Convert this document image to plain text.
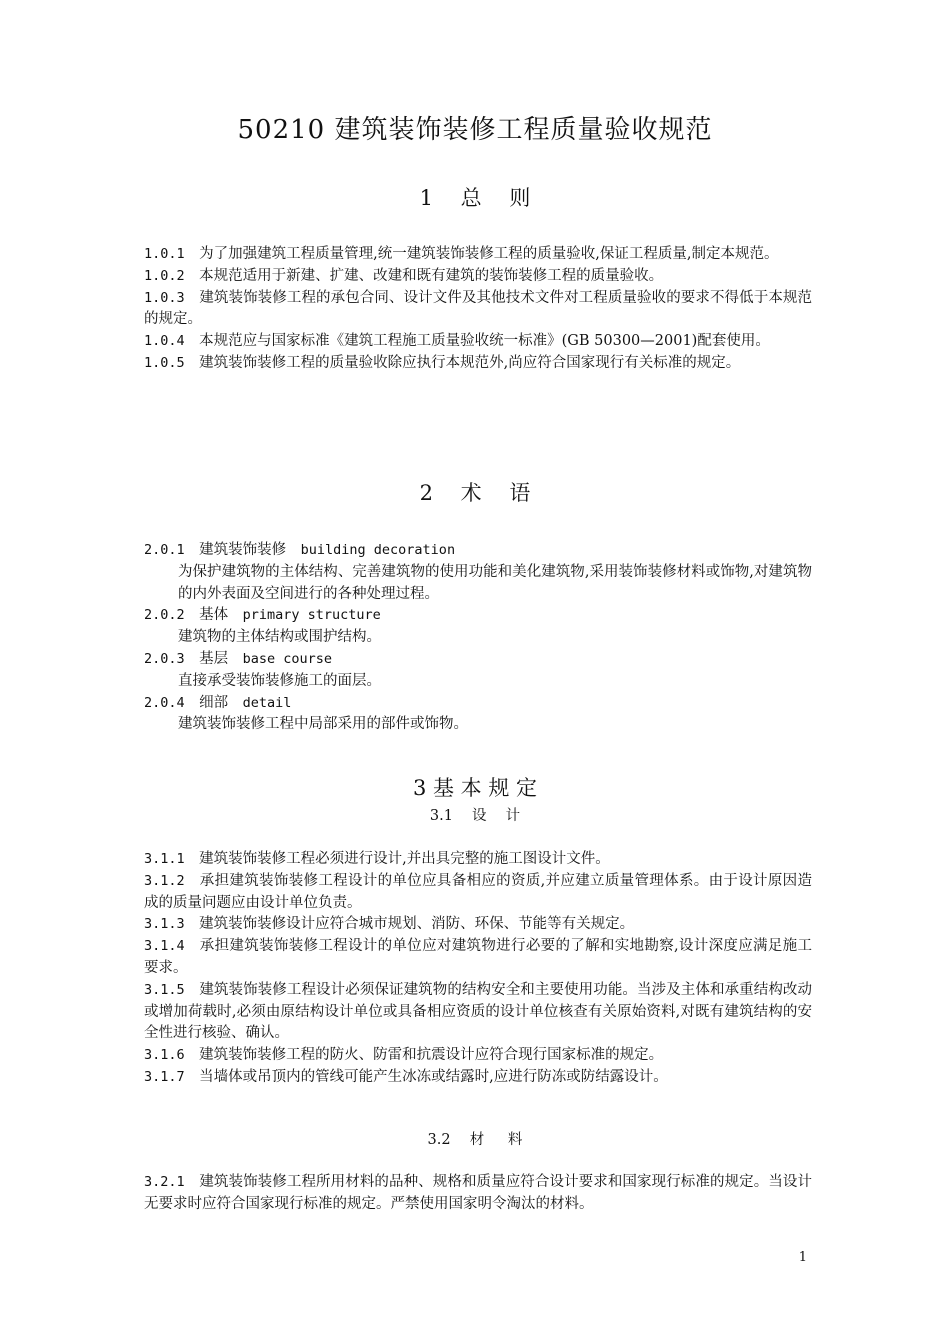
50210 建筑装饰装修工程质量验收规范
1　 总 　则

1.0.1　 为了加强建筑工程质量管理,统一建筑装饰装修工程的质量验收,保证工程质量,制定本规范。

1.0.2　 本规范适用于新建、扩建、改建和既有建筑的装饰装修工程的质量验收。

1.0.3　 建筑装饰装修工程的承包合同、设计文件及其他技术文件对工程质量验收的要求不得低于本规范的规定。

1.0.4　 本规范应与国家标准《建筑工程施工质量验收统一标准》(GB 50300—2001)配套使用。

1.0.5　 建筑装饰装修工程的质量验收除应执行本规范外,尚应符合国家现行有关标准的规定。

2　 术 　语

2.0.1　 建筑装饰装修　 building decoration

为保护建筑物的主体结构、完善建筑物的使用功能和美化建筑物,采用装饰装修材料或饰物,对建筑物的内外表面及空间进行的各种处理过程。

2.0.2　 基体　 primary structure

建筑物的主体结构或围护结构。

2.0.3　 基层　 base course

直接承受装饰装修施工的面层。

2.0.4　 细部　 detail

建筑装饰装修工程中局部采用的部件或饰物。

3 基 本 规 定
3.1　 设 　计

3.1.1　 建筑装饰装修工程必须进行设计,并出具完整的施工图设计文件。

3.1.2　 承担建筑装饰装修工程设计的单位应具备相应的资质,并应建立质量管理体系。由于设计原因造成的质量问题应由设计单位负责。

3.1.3　 建筑装饰装修设计应符合城市规划、消防、环保、节能等有关规定。

3.1.4　 承担建筑装饰装修工程设计的单位应对建筑物进行必要的了解和实地勘察,设计深度应满足施工要求。

3.1.5　 建筑装饰装修工程设计必须保证建筑物的结构安全和主要使用功能。当涉及主体和承重结构改动或增加荷载时,必须由原结构设计单位或具备相应资质的设计单位核查有关原始资料,对既有建筑结构的安全性进行核验、确认。

3.1.6　 建筑装饰装修工程的防火、防雷和抗震设计应符合现行国家标准的规定。

3.1.7　 当墙体或吊顶内的管线可能产生冰冻或结露时,应进行防冻或防结露设计。

3.2　 材 　 料

3.2.1　 建筑装饰装修工程所用材料的品种、规格和质量应符合设计要求和国家现行标准的规定。当设计无要求时应符合国家现行标准的规定。严禁使用国家明令淘汰的材料。

1
